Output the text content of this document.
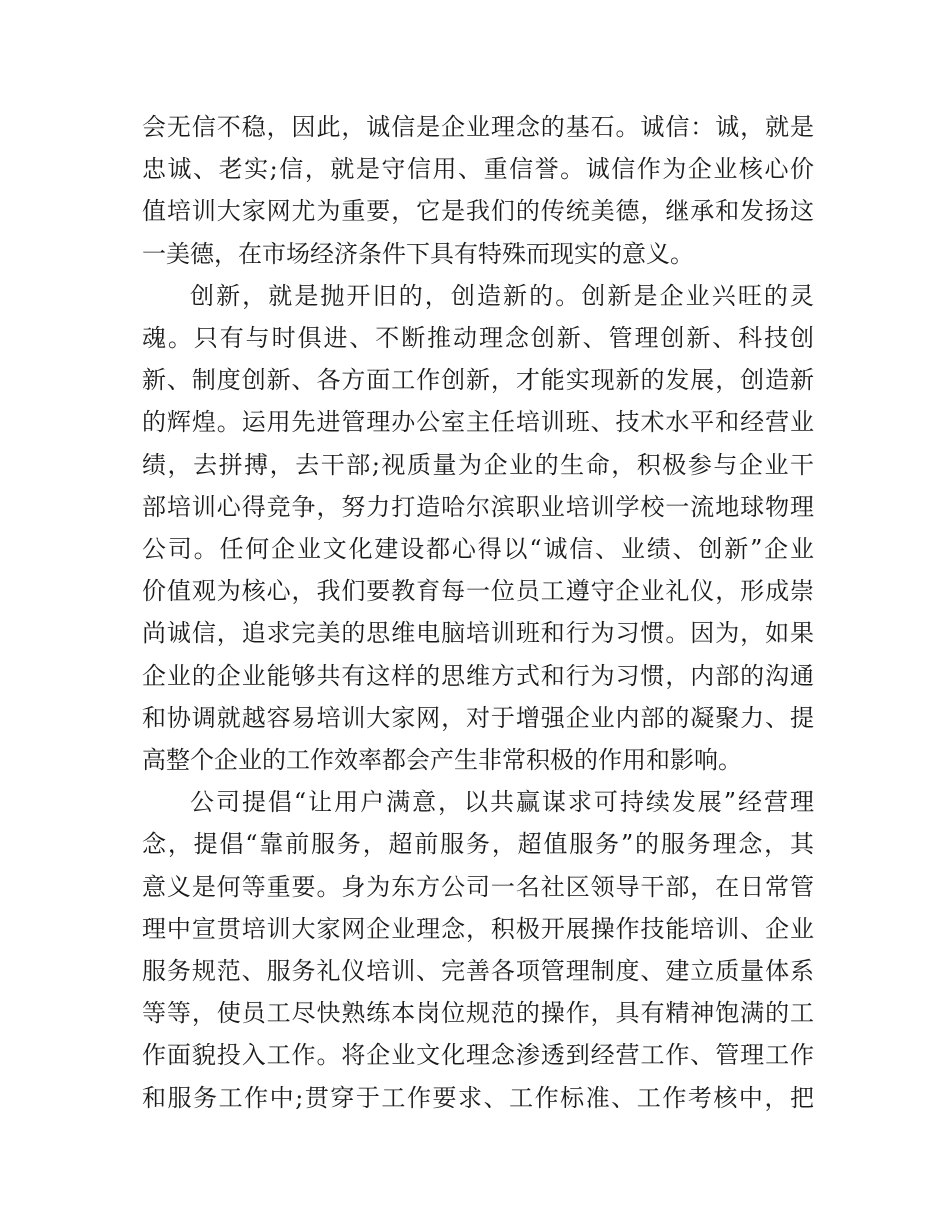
会无信不稳，因此，诚信是企业理念的基石。诚信：诚，就是
忠诚、老实;信，就是守信用、重信誉。诚信作为企业核心价
值培训大家网尤为重要，它是我们的传统美德，继承和发扬这
一美德，在市场经济条件下具有特殊而现实的意义。

创新，就是抛开旧的，创造新的。创新是企业兴旺的灵
魂。只有与时俱进、不断推动理念创新、管理创新、科技创
新、制度创新、各方面工作创新，才能实现新的发展，创造新
的辉煌。运用先进管理办公室主任培训班、技术水平和经营业
绩，去拼搏，去干部;视质量为企业的生命，积极参与企业干
部培训心得竞争，努力打造哈尔滨职业培训学校一流地球物理
公司。任何企业文化建设都心得以“诚信、业绩、创新”企业
价值观为核心，我们要教育每一位员工遵守企业礼仪，形成崇
尚诚信，追求完美的思维电脑培训班和行为习惯。因为，如果
企业的企业能够共有这样的思维方式和行为习惯，内部的沟通
和协调就越容易培训大家网，对于增强企业内部的凝聚力、提
高整个企业的工作效率都会产生非常积极的作用和影响。

公司提倡“让用户满意，以共赢谋求可持续发展”经营理
念，提倡“靠前服务，超前服务，超值服务”的服务理念，其
意义是何等重要。身为东方公司一名社区领导干部，在日常管
理中宣贯培训大家网企业理念，积极开展操作技能培训、企业
服务规范、服务礼仪培训、完善各项管理制度、建立质量体系
等等，使员工尽快熟练本岗位规范的操作，具有精神饱满的工
作面貌投入工作。将企业文化理念渗透到经营工作、管理工作
和服务工作中;贯穿于工作要求、工作标准、工作考核中，把
